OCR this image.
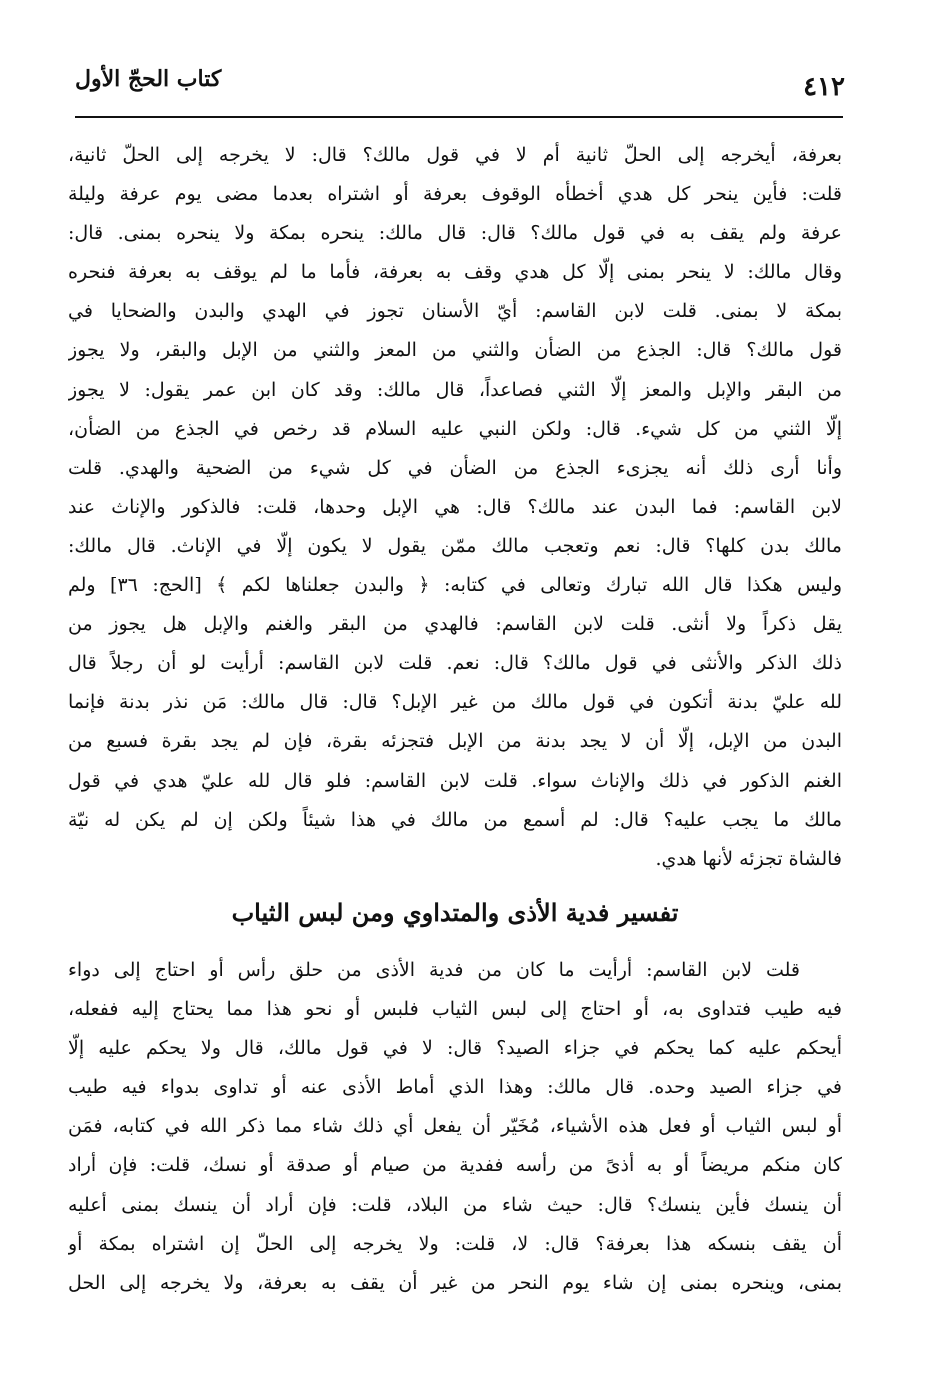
٤١٢
كتاب الحجّ الأول
بعرفة، أيخرجه إلى الحلّ ثانية أم لا في قول مالك؟ قال: لا يخرجه إلى الحلّ ثانية،
قلت: فأين ينحر كل هدي أخطأه الوقوف بعرفة أو اشتراه بعدما مضى يوم عرفة وليلة
عرفة ولم يقف به في قول مالك؟ قال: قال مالك: ينحره بمكة ولا ينحره بمنى. قال:
وقال مالك: لا ينحر بمنى إلّا كل هدي وقف به بعرفة، فأما ما لم يوقف به بعرفة فنحره
بمكة لا بمنى. قلت لابن القاسم: أيّ الأسنان تجوز في الهدي والبدن والضحايا في
قول مالك؟ قال: الجذع من الضأن والثني من المعز والثني من الإبل والبقر، ولا يجوز
من البقر والإبل والمعز إلّا الثني فصاعداً، قال مالك: وقد كان ابن عمر يقول: لا يجوز
إلّا الثني من كل شيء. قال: ولكن النبي عليه السلام قد رخص في الجذع من الضأن،
وأنا أرى ذلك أنه يجزىء الجذع من الضأن في كل شيء من الضحية والهدي. قلت
لابن القاسم: فما البدن عند مالك؟ قال: هي الإبل وحدها، قلت: فالذكور والإناث عند
مالك بدن كلها؟ قال: نعم وتعجب مالك ممّن يقول لا يكون إلّا في الإناث. قال مالك:
وليس هكذا قال الله تبارك وتعالى في كتابه: ﴿ والبدن جعلناها لكم ﴾ [الحج: ٣٦] ولم
يقل ذكراً ولا أنثى. قلت لابن القاسم: فالهدي من البقر والغنم والإبل هل يجوز من
ذلك الذكر والأنثى في قول مالك؟ قال: نعم. قلت لابن القاسم: أرأيت لو أن رجلاً قال
لله عليّ بدنة أتكون في قول مالك من غير الإبل؟ قال: قال مالك: مَن نذر بدنة فإنما
البدن من الإبل، إلّا أن لا يجد بدنة من الإبل فتجزئه بقرة، فإن لم يجد بقرة فسبع من
الغنم الذكور في ذلك والإناث سواء. قلت لابن القاسم: فلو قال لله عليّ هدي في قول
مالك ما يجب عليه؟ قال: لم أسمع من مالك في هذا شيئاً ولكن إن لم يكن له نيّة
فالشاة تجزئه لأنها هدي.
تفسير فدية الأذى والمتداوي ومن لبس الثياب
قلت لابن القاسم: أرأيت ما كان من فدية الأذى من حلق رأس أو احتاج إلى دواء
فيه طيب فتداوى به، أو احتاج إلى لبس الثياب فلبس أو نحو هذا مما يحتاج إليه ففعله،
أيحكم عليه كما يحكم في جزاء الصيد؟ قال: لا في قول مالك، قال ولا يحكم عليه إلّا
في جزاء الصيد وحده. قال مالك: وهذا الذي أماط الأذى عنه أو تداوى بدواء فيه طيب
أو لبس الثياب أو فعل هذه الأشياء، مُخَيّر أن يفعل أي ذلك شاء مما ذكر الله في كتابه، فمَن
كان منكم مريضاً أو به أذىً من رأسه ففدية من صيام أو صدقة أو نسك، قلت: فإن أراد
أن ينسك فأين ينسك؟ قال: حيث شاء من البلاد، قلت: فإن أراد أن ينسك بمنى أعليه
أن يقف بنسكه هذا بعرفة؟ قال: لا، قلت: ولا يخرجه إلى الحلّ إن اشتراه بمكة أو
بمنى، وينحره بمنى إن شاء يوم النحر من غير أن يقف به بعرفة، ولا يخرجه إلى الحل
